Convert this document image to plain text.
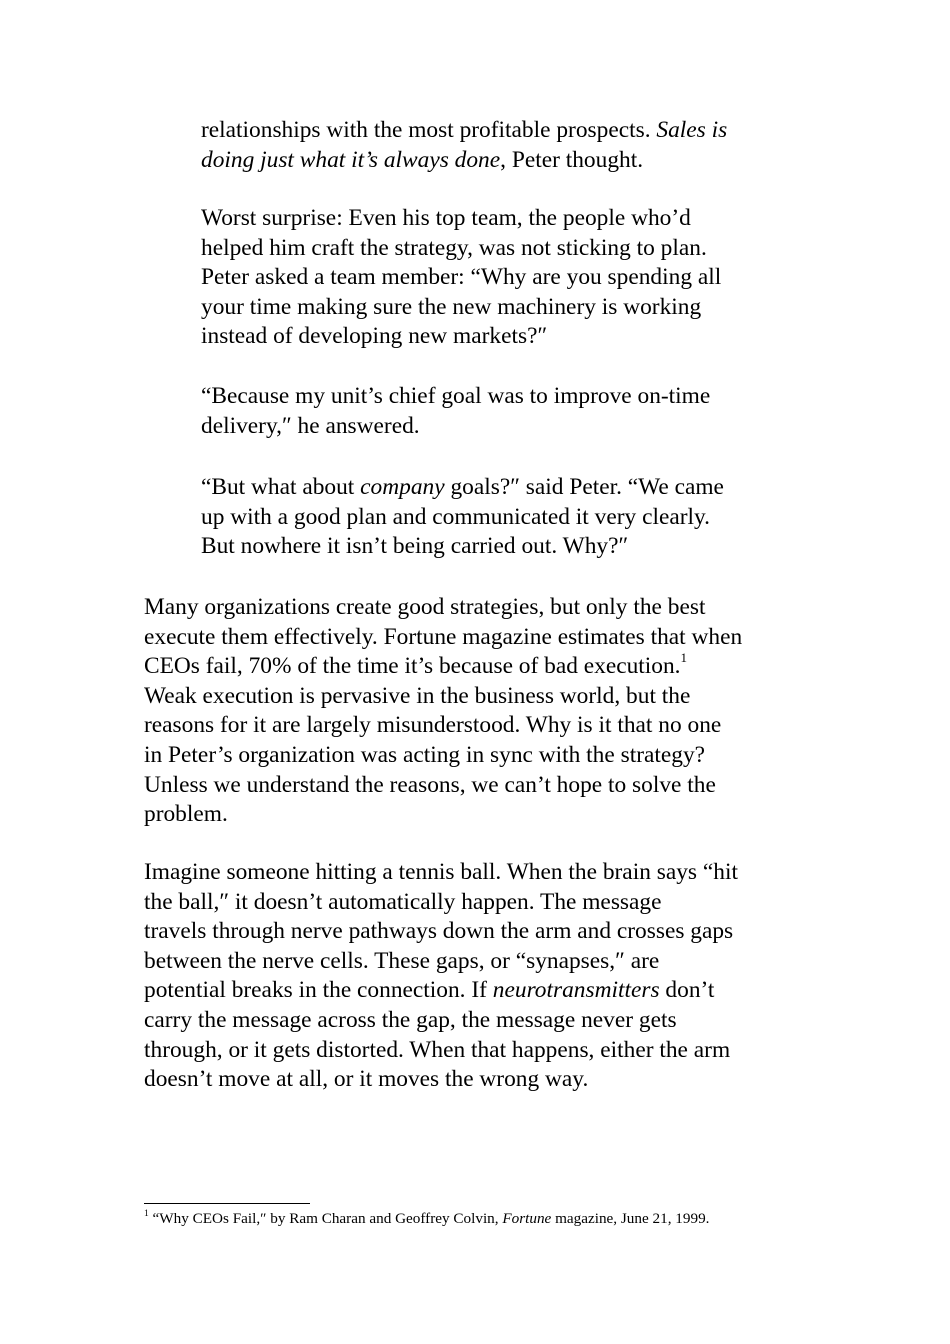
relationships with the most profitable prospects. Sales is
doing just what it’s always done, Peter thought.

Worst surprise: Even his top team, the people who’d
helped him craft the strategy, was not sticking to plan.
Peter asked a team member: “Why are you spending all
your time making sure the new machinery is working
instead of developing new markets?″

“Because my unit’s chief goal was to improve on-time
delivery,″ he answered.

“But what about company goals?″ said Peter. “We came
up with a good plan and communicated it very clearly.
But nowhere it isn’t being carried out. Why?″

Many organizations create good strategies, but only the best
execute them effectively. Fortune magazine estimates that when
CEOs fail, 70% of the time it’s because of bad execution.$^1$
Weak execution is pervasive in the business world, but the
reasons for it are largely misunderstood. Why is it that no one
in Peter’s organization was acting in sync with the strategy?
Unless we understand the reasons, we can’t hope to solve the
problem.

Imagine someone hitting a tennis ball. When the brain says “hit
the ball,″ it doesn’t automatically happen. The message
travels through nerve pathways down the arm and crosses gaps
between the nerve cells. These gaps, or “synapses,″ are
potential breaks in the connection. If neurotransmitters don’t
carry the message across the gap, the message never gets
through, or it gets distorted. When that happens, either the arm
doesn’t move at all, or it moves the wrong way.

$^1$ “Why CEOs Fail,″ by Ram Charan and Geoffrey Colvin, Fortune magazine, June 21, 1999.
